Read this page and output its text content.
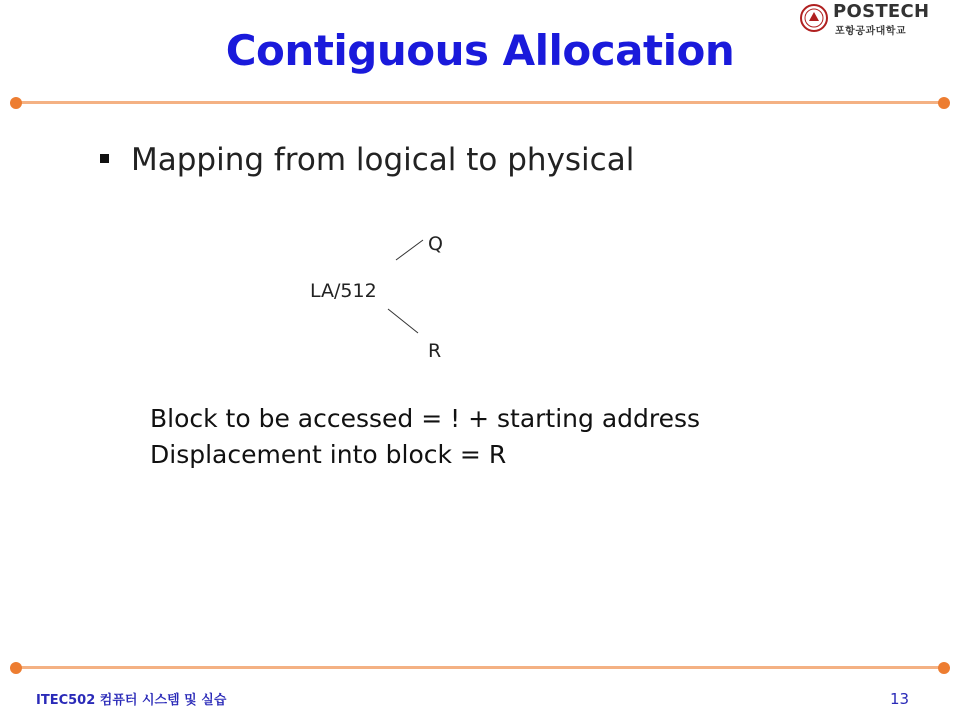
POSTECH
포항공과대학교
Contiguous Allocation
Mapping from logical to physical
Q
LA/512
R
Block to be accessed = ! + starting address
Displacement into block = R
ITEC502 컴퓨터 시스템 및 실습	13
